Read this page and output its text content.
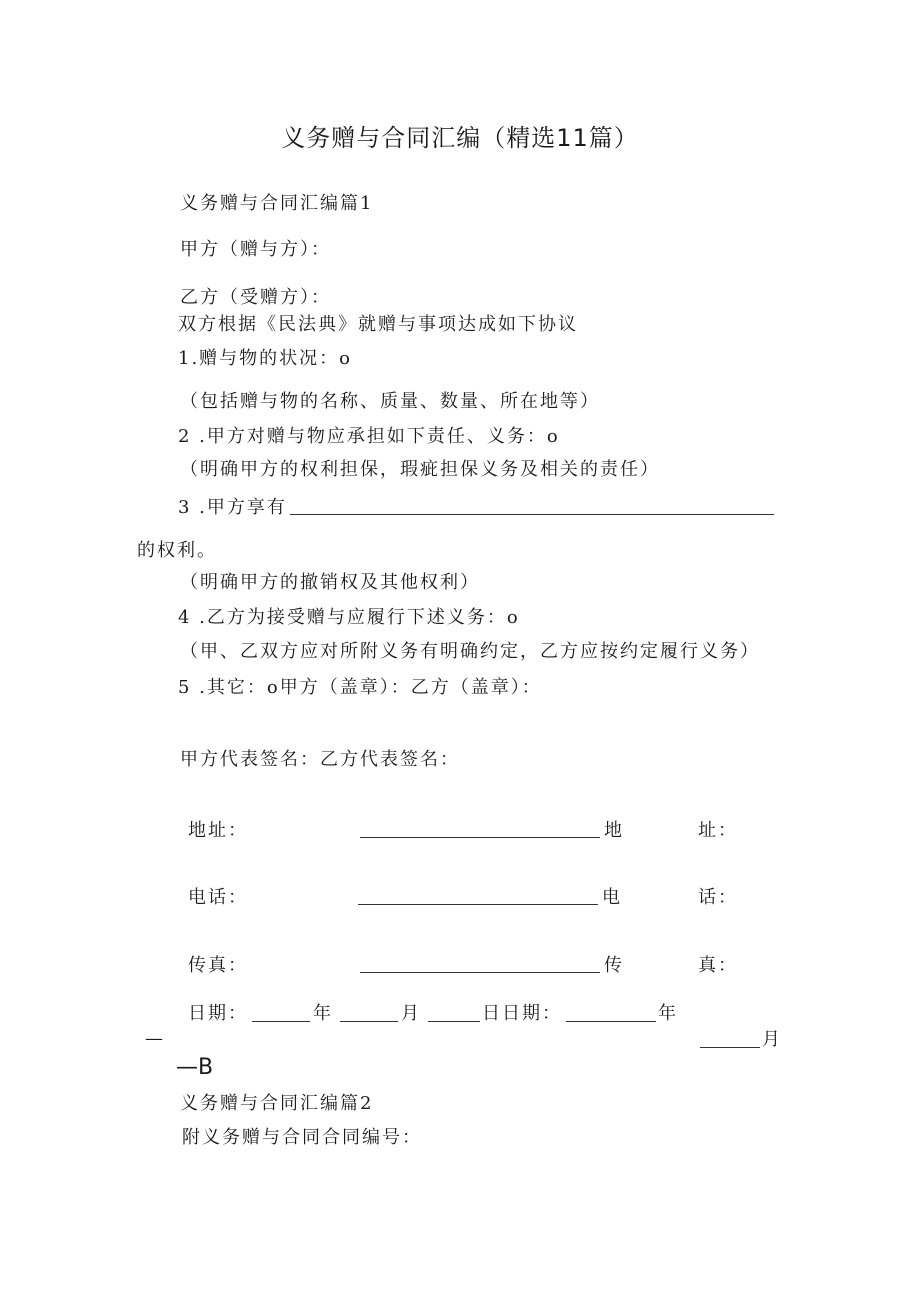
义务赠与合同汇编（精选11篇）
义务赠与合同汇编篇1
甲方（赠与方）：
乙方（受赠方）：
双方根据《民法典》就赠与事项达成如下协议
1.赠与物的状况：o
（包括赠与物的名称、质量、数量、所在地等）
2 .甲方对赠与物应承担如下责任、义务：o
（明确甲方的权利担保，瑕疵担保义务及相关的责任）
3 .甲方享有
的权利。
（明确甲方的撤销权及其他权利）
4 .乙方为接受赠与应履行下述义务：o
（甲、乙双方应对所附义务有明确约定，乙方应按约定履行义务）
5 .其它：o甲方（盖章）：乙方（盖章）：
甲方代表签名：乙方代表签名：
地址：	地	址：
电话：	电	话：
传真：	传	真：
日期：	年	月	日日期：	年
—	月
—B
义务赠与合同汇编篇2
附义务赠与合同合同编号：
